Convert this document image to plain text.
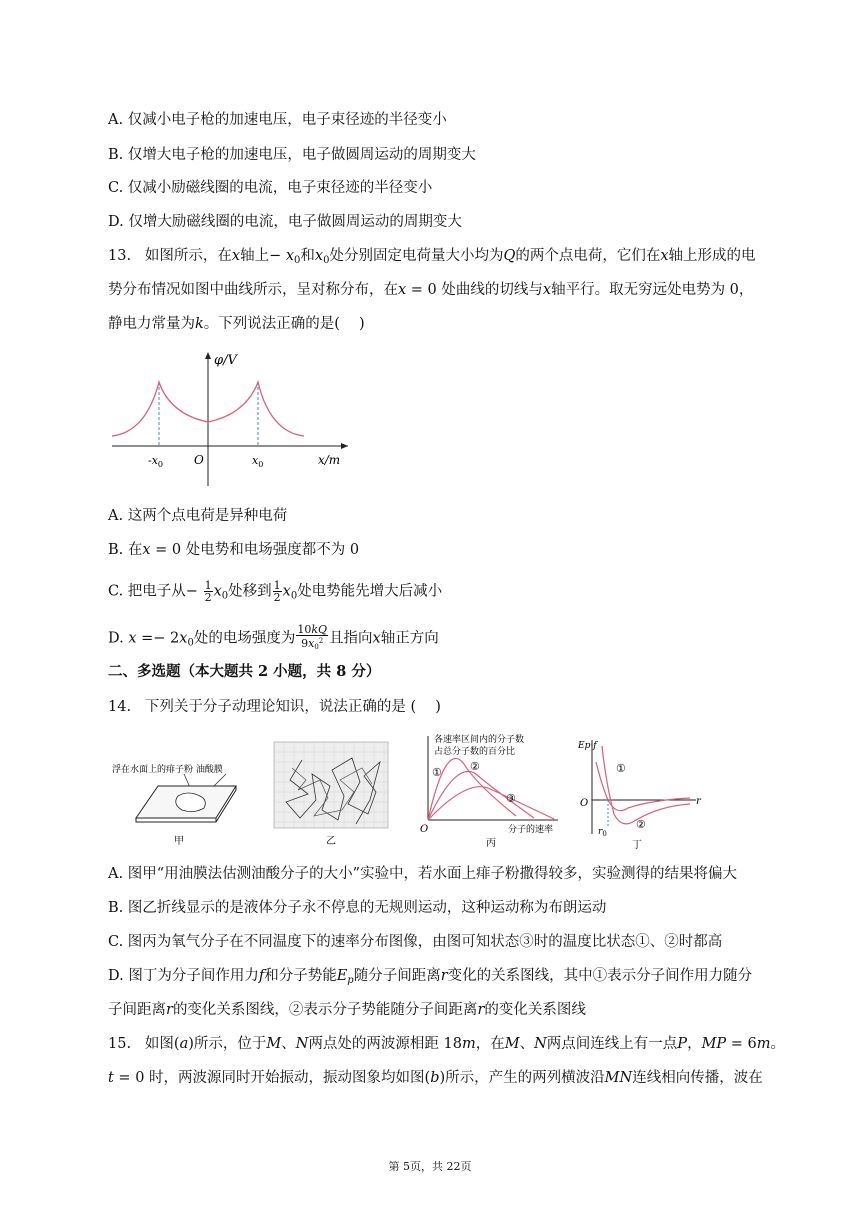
A. 仅减小电子枪的加速电压，电子束径迹的半径变小
B. 仅增大电子枪的加速电压，电子做圆周运动的周期变大
C. 仅减小励磁线圈的电流，电子束径迹的半径变小
D. 仅增大励磁线圈的电流，电子做圆周运动的周期变大
13. 如图所示，在x轴上− $x_0$和$x_0$处分别固定电荷量大小均为Q的两个点电荷，它们在x轴上形成的电
势分布情况如图中曲线所示，呈对称分布，在x = 0 处曲线的切线与x轴平行。取无穷远处电势为 0，
静电力常量为k。下列说法正确的是(　 )
φ/V
x/m
O
$-x_0$	$x_0$
A. 这两个点电荷是异种电荷
B. 在x = 0 处电势和电场强度都不为 0
C. 把电子从− $\frac{1}{2} x_0$处移到 $\frac{1}{2} x_0$处电势能先增大后减小
D. $x =- 2x_0$处的电场强度为 $\frac{10kQ}{9x0^2}$ 且指向x轴正方向
二、多选题（本大题共 2 小题，共 8 分）
14. 下列关于分子动理论知识，说法正确的是 (　 )
浮在水面上的痱子粉 油酸膜
甲	乙
各速率区间内的分子数
占总分子数的百分比
①	②
③
O	分子的速率
丙
Ep·f
①
②
O	r
$r_0$
丁
A. 图甲“用油膜法估测油酸分子的大小”实验中，若水面上痱子粉撒得较多，实验测得的结果将偏大
B. 图乙折线显示的是液体分子永不停息的无规则运动，这种运动称为布朗运动
C. 图丙为氧气分子在不同温度下的速率分布图像，由图可知状态③时的温度比状态①、②时都高
D. 图丁为分子间作用力f和分子势能$E_p$随分子间距离r变化的关系图线，其中①表示分子间作用力随分
子间距离r的变化关系图线，②表示分子势能随分子间距离r的变化关系图线
15. 如图(a)所示，位于M、N两点处的两波源相距 18m，在M、N两点间连线上有一点P，MP = 6m。
t = 0 时，两波源同时开始振动，振动图象均如图(b)所示，产生的两列横波沿MN连线相向传播，波在
第 5页，共 22页
